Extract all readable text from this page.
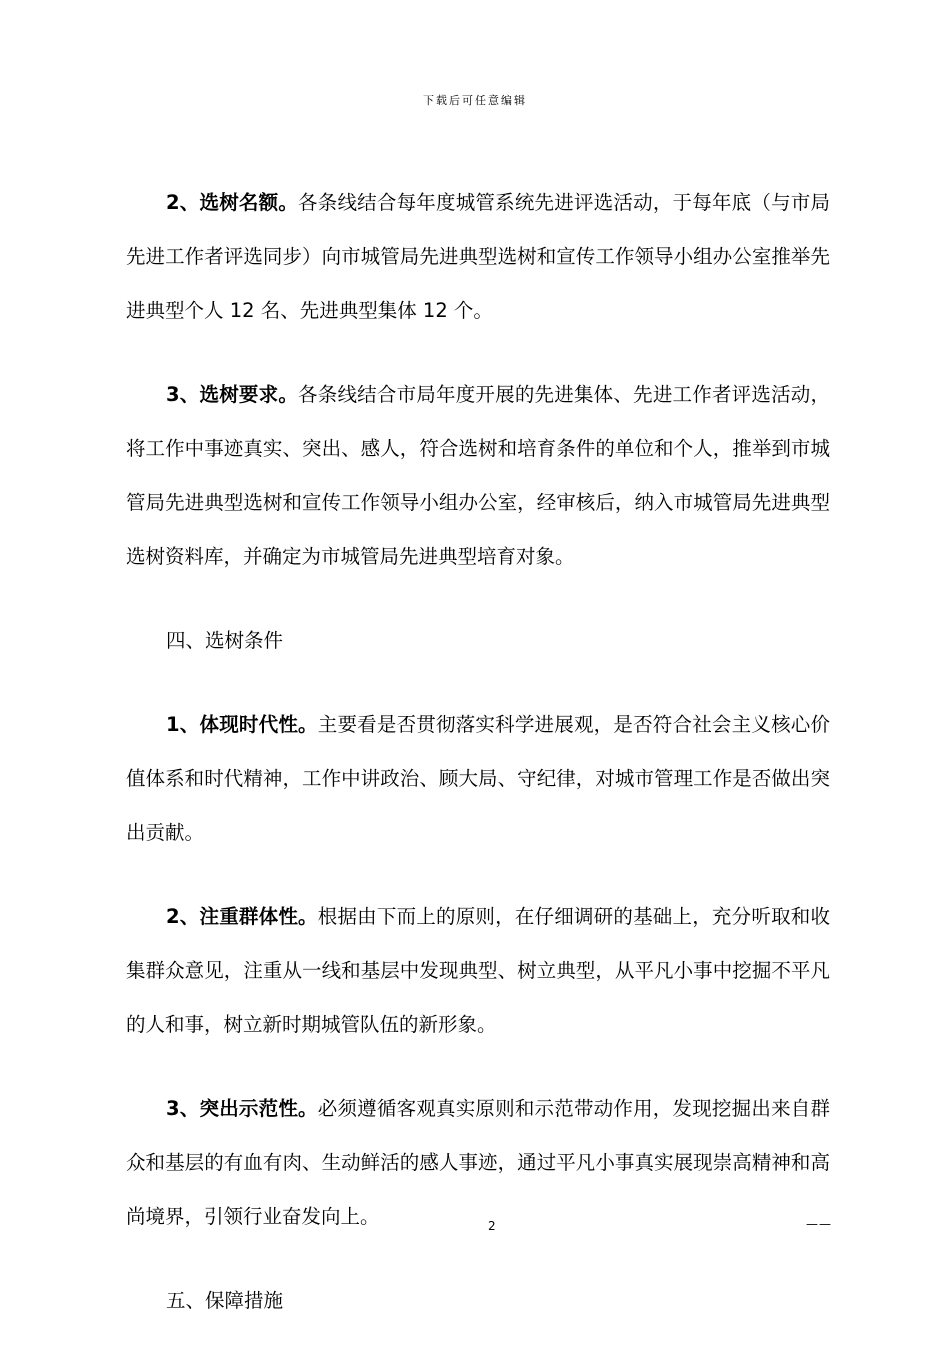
下载后可任意编辑

2、选树名额。各条线结合每年度城管系统先进评选活动，于每年底（与市局先进工作者评选同步）向市城管局先进典型选树和宣传工作领导小组办公室推举先进典型个人 12 名、先进典型集体 12 个。

3、选树要求。各条线结合市局年度开展的先进集体、先进工作者评选活动，将工作中事迹真实、突出、感人，符合选树和培育条件的单位和个人，推举到市城管局先进典型选树和宣传工作领导小组办公室，经审核后，纳入市城管局先进典型选树资料库，并确定为市城管局先进典型培育对象。

四、选树条件

1、体现时代性。主要看是否贯彻落实科学进展观，是否符合社会主义核心价值体系和时代精神，工作中讲政治、顾大局、守纪律，对城市管理工作是否做出突出贡献。

2、注重群体性。根据由下而上的原则，在仔细调研的基础上，充分听取和收集群众意见，注重从一线和基层中发现典型、树立典型，从平凡小事中挖掘不平凡的人和事，树立新时期城管队伍的新形象。

3、突出示范性。必须遵循客观真实原则和示范带动作用，发现挖掘出来自群众和基层的有血有肉、生动鲜活的感人事迹，通过平凡小事真实展现崇高精神和高尚境界，引领行业奋发向上。

五、保障措施

2	——
